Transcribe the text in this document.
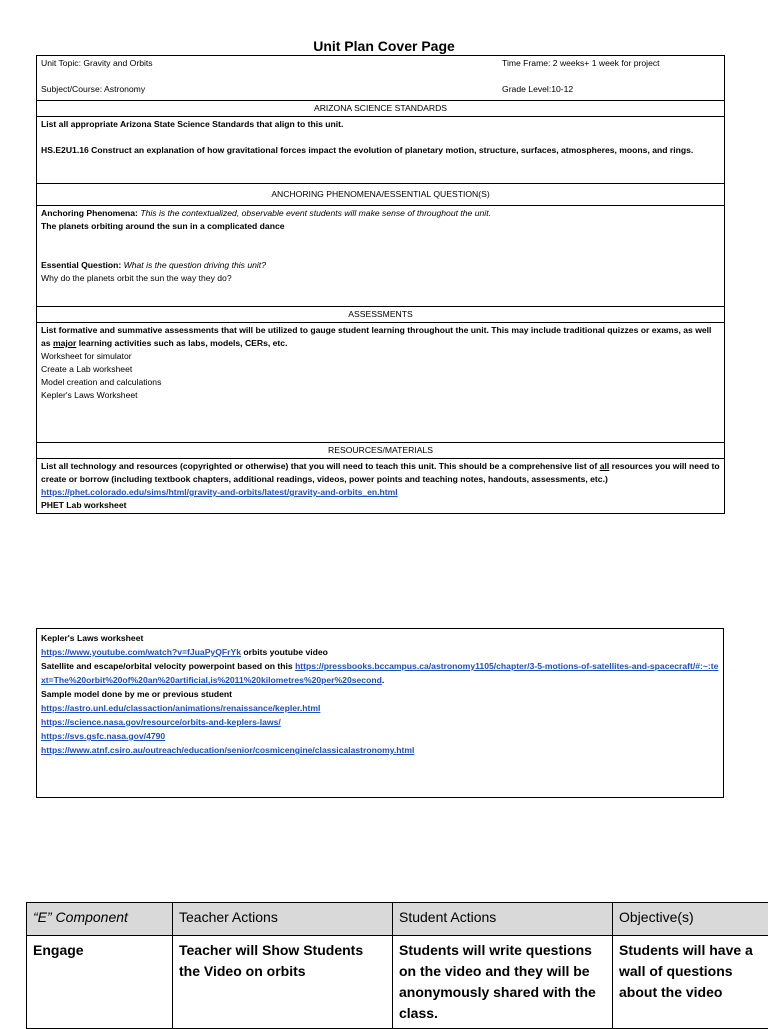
Unit Plan Cover Page
Unit Topic: Gravity and Orbits	Time Frame: 2 weeks+ 1 week for project
Subject/Course: Astronomy	Grade Level:10-12

ARIZONA SCIENCE STANDARDS

List all appropriate Arizona State Science Standards that align to this unit.
HS.E2U1.16 Construct an explanation of how gravitational forces impact the evolution of planetary motion, structure, surfaces, atmospheres, moons, and rings.

ANCHORING PHENOMENA/ESSENTIAL QUESTION(S)

Anchoring Phenomena: This is the contextualized, observable event students will make sense of throughout the unit.
The planets orbiting around the sun in a complicated dance
Essential Question: What is the question driving this unit?
Why do the planets orbit the sun the way they do?

ASSESSMENTS

List formative and summative assessments that will be utilized to gauge student learning throughout the unit. This may include traditional quizzes or exams, as well as major learning activities such as labs, models, CERs, etc.
Worksheet for simulator
Create a Lab worksheet
Model creation and calculations
Kepler's Laws Worksheet

RESOURCES/MATERIALS

List all technology and resources (copyrighted or otherwise) that you will need to teach this unit. This should be a comprehensive list of all resources you will need to create or borrow (including textbook chapters, additional readings, videos, power points and teaching notes, handouts, assessments, etc.)
https://phet.colorado.edu/sims/html/gravity-and-orbits/latest/gravity-and-orbits_en.html
PHET Lab worksheet
Kepler's Laws worksheet
https://www.youtube.com/watch?v=fJuaPyQFrYk orbits youtube video
Satellite and escape/orbital velocity powerpoint based on this https://pressbooks.bccampus.ca/astronomy1105/chapter/3-5-motions-of-satellites-and-spacecraft/#:~:text=The%20orbit%20of%20an%20artificial,is%2011%20kilometres%20per%20second.
Sample model done by me or previous student
https://astro.unl.edu/classaction/animations/renaissance/kepler.html
https://science.nasa.gov/resource/orbits-and-keplers-laws/
https://svs.gsfc.nasa.gov/4790
https://www.atnf.csiro.au/outreach/education/senior/cosmicengine/classicalastronomy.html
“E” Component	Teacher Actions	Student Actions	Objective(s)
Engage	Teacher will Show Students the Video on orbits	Students will write questions on the video and they will be anonymously shared with the class.	Students will have a wall of questions about the video
